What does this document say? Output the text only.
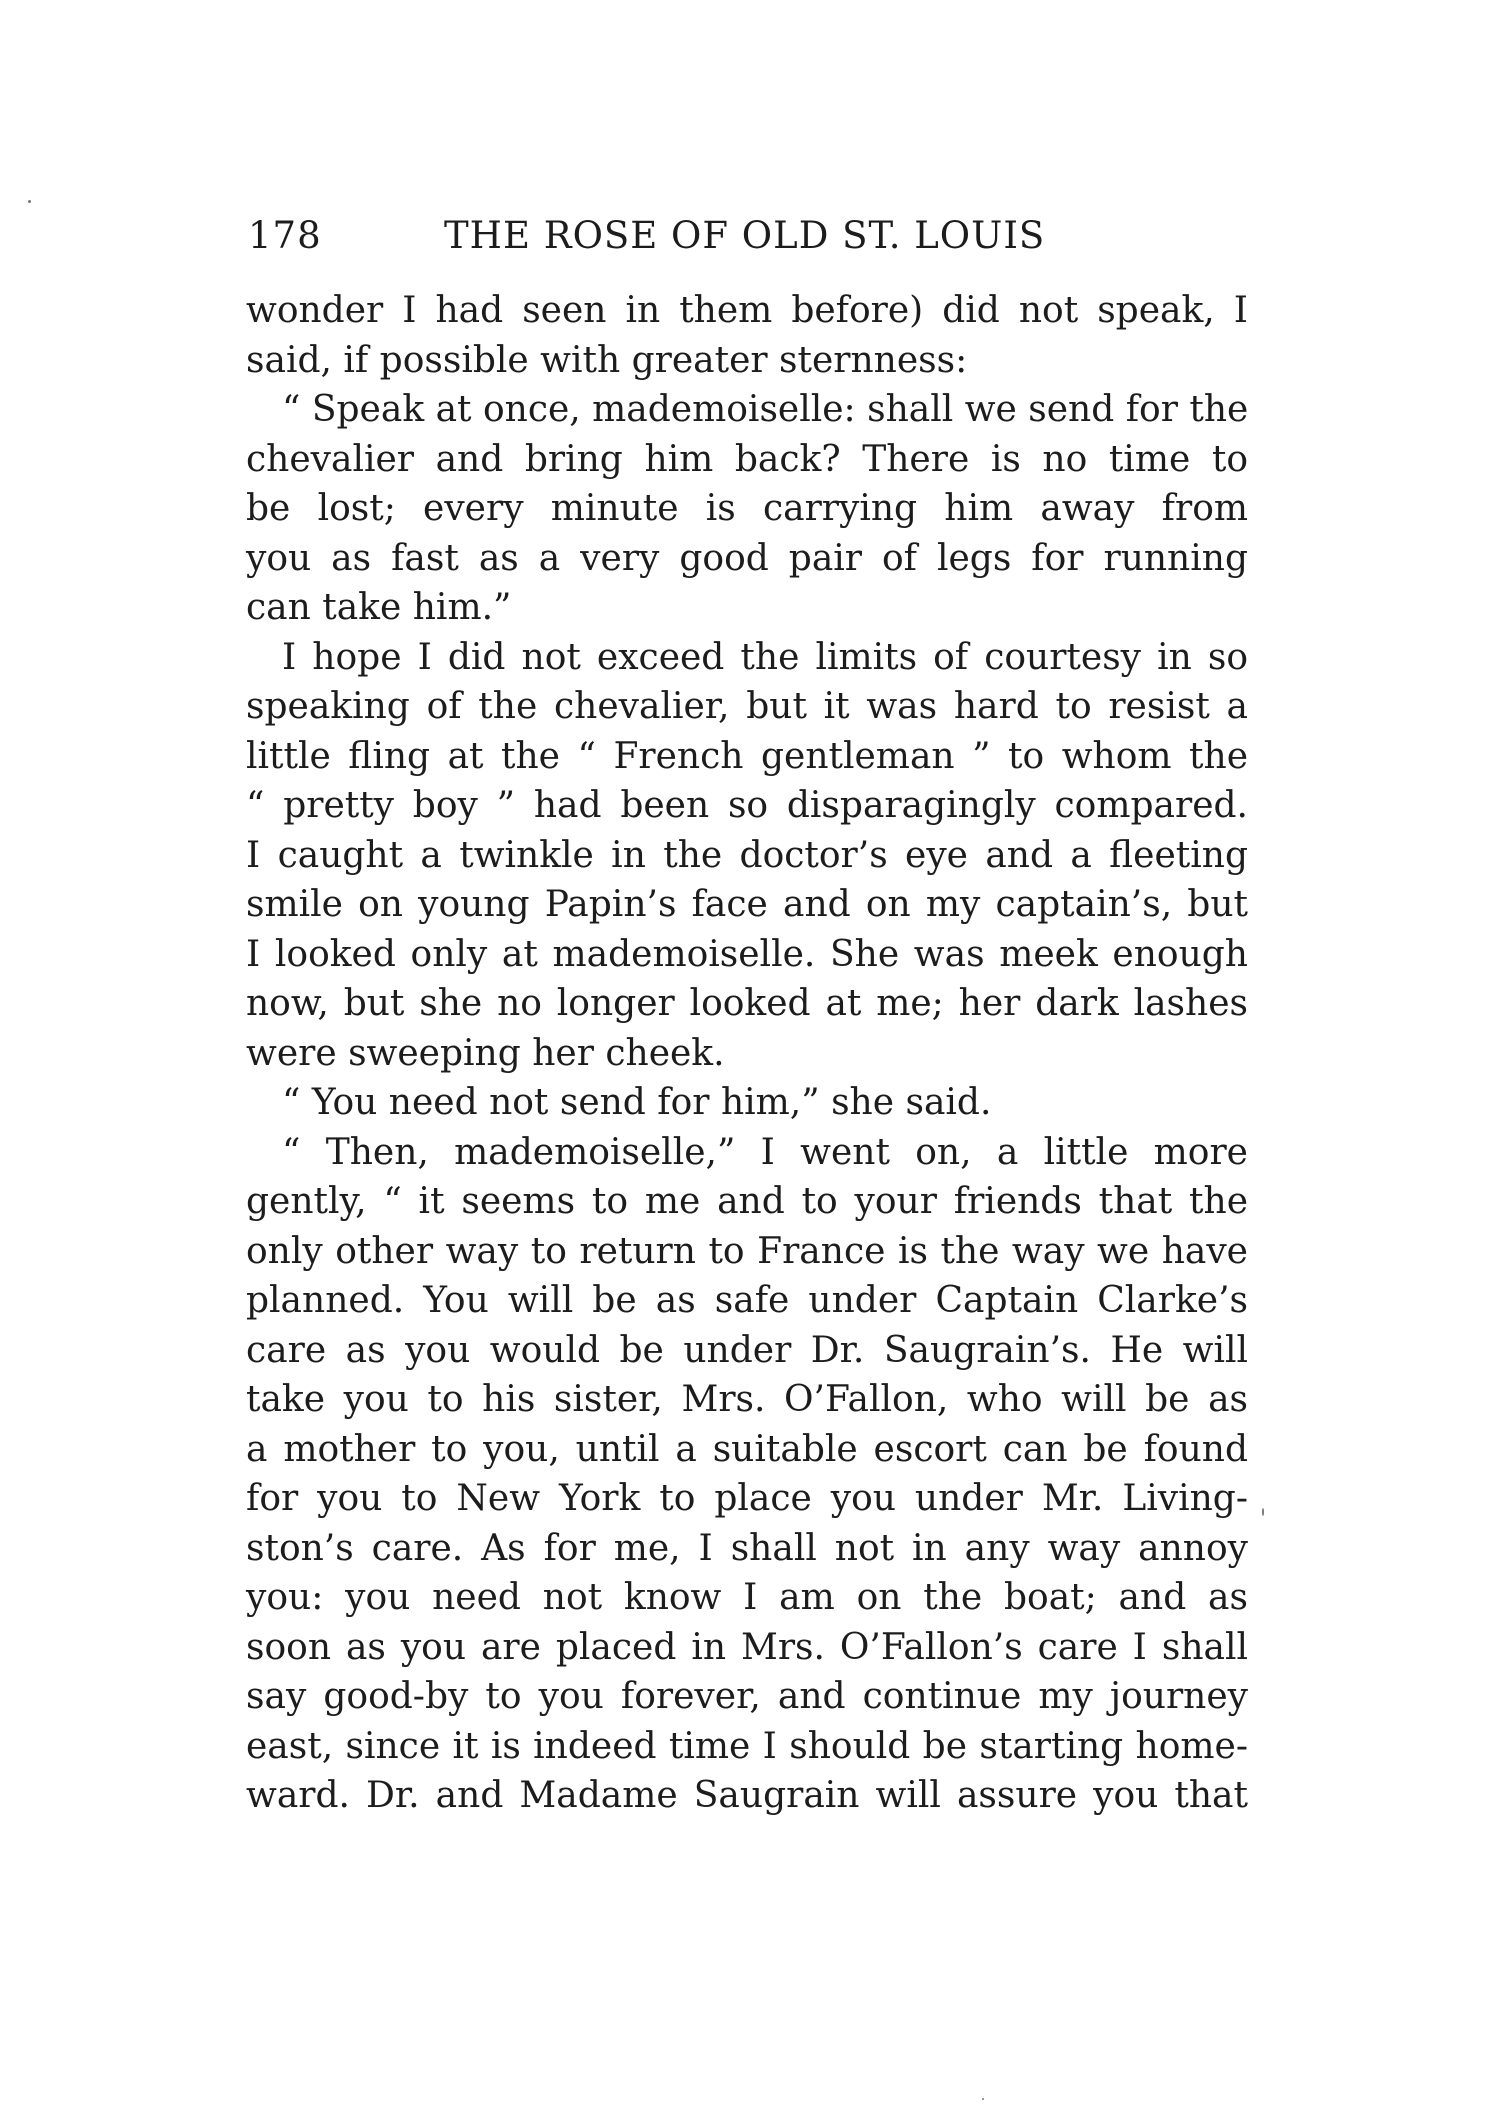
178	THE ROSE OF OLD ST. LOUIS
wonder I had seen in them before) did not speak, I
said, if possible with greater sternness:
“ Speak at once, mademoiselle: shall we send for the
chevalier and bring him back? There is no time to
be lost; every minute is carrying him away from
you as fast as a very good pair of legs for running
can take him.”
I hope I did not exceed the limits of courtesy in so
speaking of the chevalier, but it was hard to resist a
little fling at the “ French gentleman ” to whom the
“ pretty boy ” had been so disparagingly compared.
I caught a twinkle in the doctor’s eye and a fleeting
smile on young Papin’s face and on my captain’s, but
I looked only at mademoiselle. She was meek enough
now, but she no longer looked at me; her dark lashes
were sweeping her cheek.
“ You need not send for him,” she said.
“ Then, mademoiselle,” I went on, a little more
gently, “ it seems to me and to your friends that the
only other way to return to France is the way we have
planned. You will be as safe under Captain Clarke’s
care as you would be under Dr. Saugrain’s. He will
take you to his sister, Mrs. O’Fallon, who will be as
a mother to you, until a suitable escort can be found
for you to New York to place you under Mr. Living-
ston’s care. As for me, I shall not in any way annoy
you: you need not know I am on the boat; and as
soon as you are placed in Mrs. O’Fallon’s care I shall
say good-by to you forever, and continue my journey
east, since it is indeed time I should be starting home-
ward. Dr. and Madame Saugrain will assure you that
